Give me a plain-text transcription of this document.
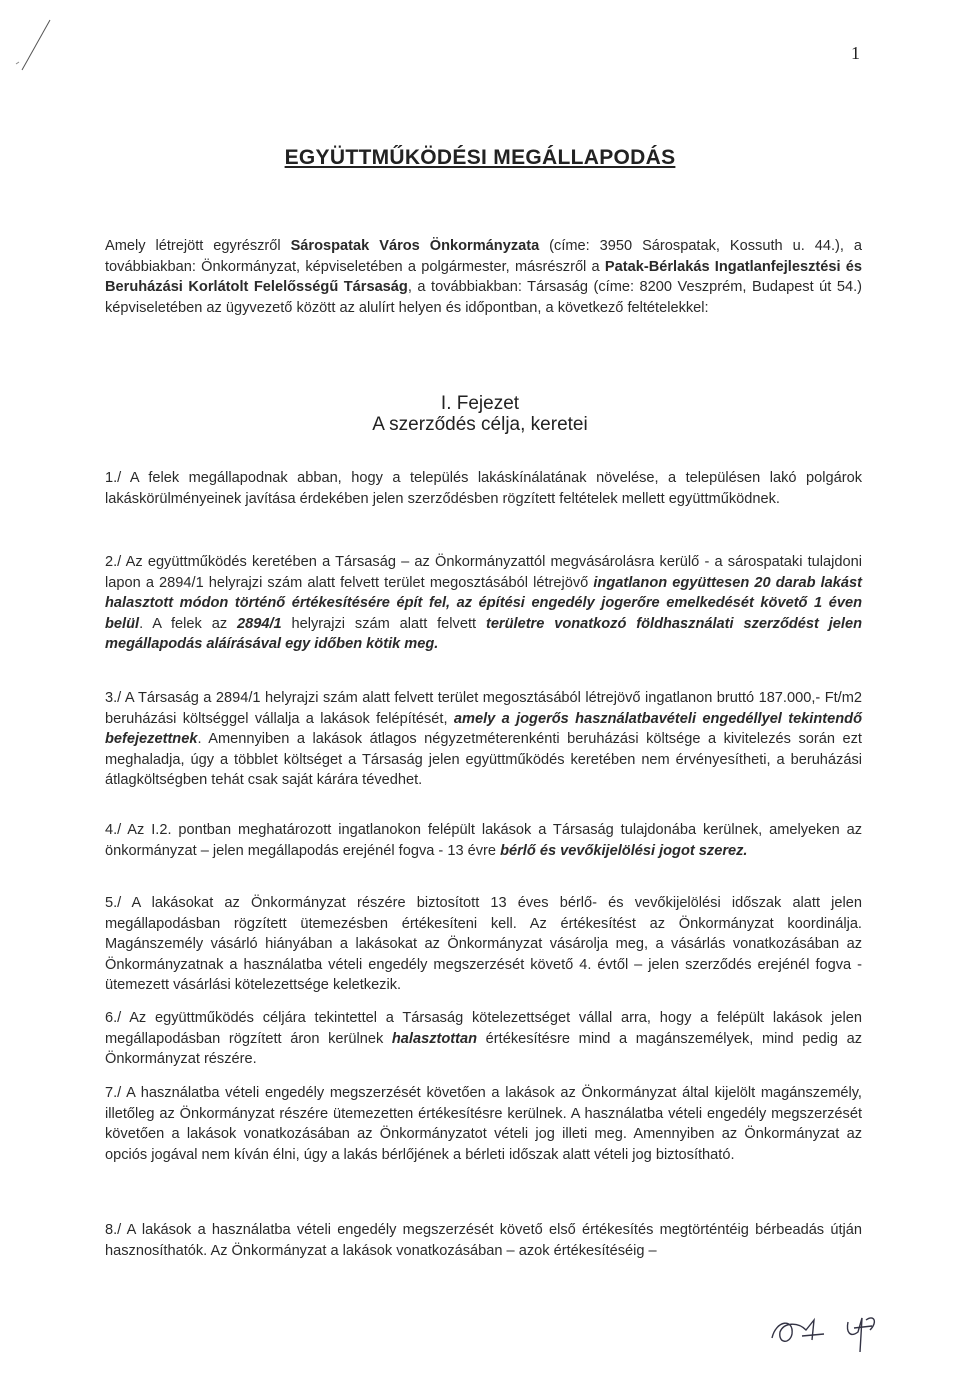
1
EGYÜTTMŰKÖDÉSI MEGÁLLAPODÁS

Amely létrejött egyrészről Sárospatak Város Önkormányzata (címe: 3950 Sárospatak, Kossuth u. 44.), a továbbiakban: Önkormányzat, képviseletében a polgármester, másrészről a Patak-Bérlakás Ingatlanfejlesztési és Beruházási Korlátolt Felelősségű Társaság, a továbbiakban: Társaság (címe: 8200 Veszprém, Budapest út 54.) képviseletében az ügyvezető között az alulírt helyen és időpontban, a következő feltételekkel:

I. Fejezet
A szerződés célja, keretei

1./ A felek megállapodnak abban, hogy a település lakáskínálatának növelése, a településen lakó polgárok lakáskörülményeinek javítása érdekében jelen szerződésben rögzített feltételek mellett együttműködnek.

2./ Az együttműködés keretében a Társaság – az Önkormányzattól megvásárolásra kerülő - a sárospataki tulajdoni lapon a 2894/1 helyrajzi szám alatt felvett terület megosztásából létrejövő ingatlanon együttesen 20 darab lakást halasztott módon történő értékesítésére épít fel, az építési engedély jogerőre emelkedését követő 1 éven belül. A felek az 2894/1 helyrajzi szám alatt felvett területre vonatkozó földhasználati szerződést jelen megállapodás aláírásával egy időben kötik meg.

3./ A Társaság a 2894/1 helyrajzi szám alatt felvett terület megosztásából létrejövő ingatlanon bruttó 187.000,- Ft/m2 beruházási költséggel vállalja a lakások felépítését, amely a jogerős használatbavételi engedéllyel tekintendő befejezettnek. Amennyiben a lakások átlagos négyzetméterenkénti beruházási költsége a kivitelezés során ezt meghaladja, úgy a többlet költséget a Társaság jelen együttműködés keretében nem érvényesítheti, a beruházási átlagköltségben tehát csak saját kárára tévedhet.

4./ Az I.2. pontban meghatározott ingatlanokon felépült lakások a Társaság tulajdonába kerülnek, amelyeken az önkormányzat – jelen megállapodás erejénél fogva - 13 évre bérlő és vevőkijelölési jogot szerez.

5./ A lakásokat az Önkormányzat részére biztosított 13 éves bérlő- és vevőkijelölési időszak alatt jelen megállapodásban rögzített ütemezésben értékesíteni kell. Az értékesítést az Önkormányzat koordinálja. Magánszemély vásárló hiányában a lakásokat az Önkormányzat vásárolja meg, a vásárlás vonatkozásában az Önkormányzatnak a használatba vételi engedély megszerzését követő 4. évtől – jelen szerződés erejénél fogva - ütemezett vásárlási kötelezettsége keletkezik.

6./ Az együttműködés céljára tekintettel a Társaság kötelezettséget vállal arra, hogy a felépült lakások jelen megállapodásban rögzített áron kerülnek halasztottan értékesítésre mind a magánszemélyek, mind pedig az Önkormányzat részére.

7./ A használatba vételi engedély megszerzését követően a lakások az Önkormányzat által kijelölt magánszemély, illetőleg az Önkormányzat részére ütemezetten értékesítésre kerülnek. A használatba vételi engedély megszerzését követően a lakások vonatkozásában az Önkormányzatot vételi jog illeti meg. Amennyiben az Önkormányzat az opciós jogával nem kíván élni, úgy a lakás bérlőjének a bérleti időszak alatt vételi jog biztosítható.

8./ A lakások a használatba vételi engedély megszerzését követő első értékesítés megtörténtéig bérbeadás útján hasznosíthatók. Az Önkormányzat a lakások vonatkozásában – azok értékesítéséig –
